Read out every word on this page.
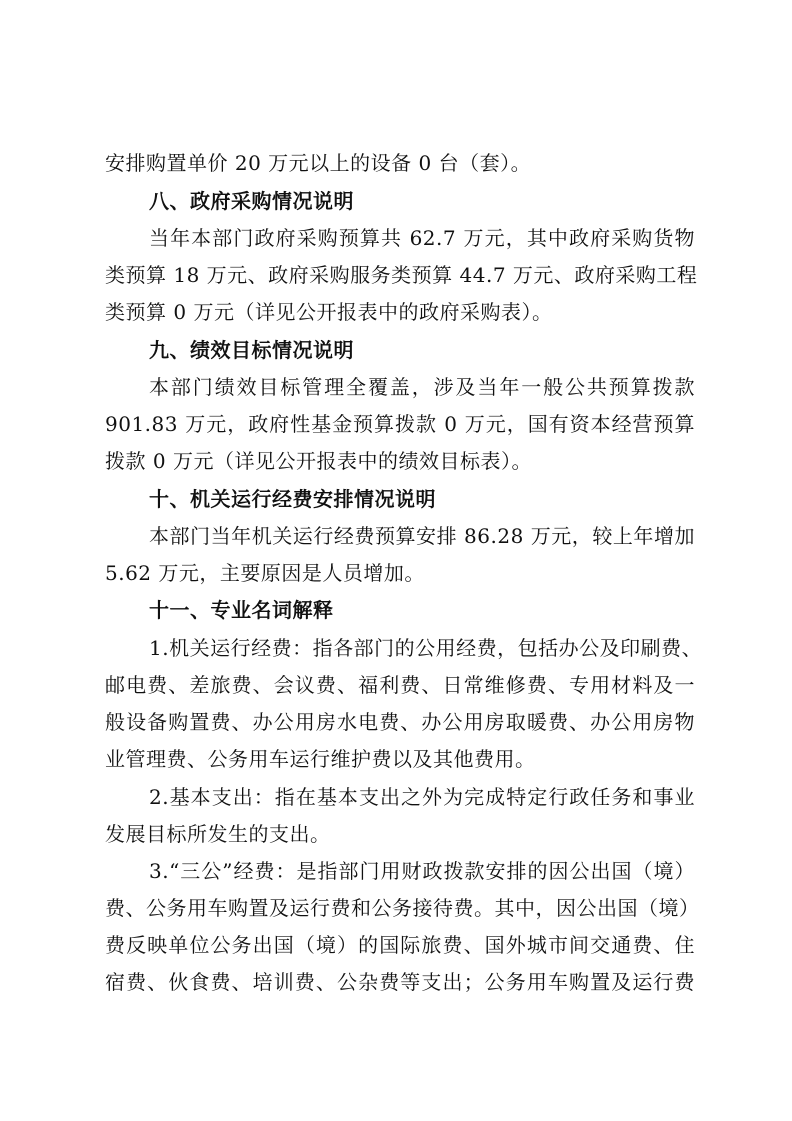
安排购置单价 20 万元以上的设备 0 台（套）。
八、政府采购情况说明
当年本部门政府采购预算共 62.7 万元，其中政府采购货物
类预算 18 万元、政府采购服务类预算 44.7 万元、政府采购工程
类预算 0 万元（详见公开报表中的政府采购表）。
九、绩效目标情况说明
本部门绩效目标管理全覆盖，涉及当年一般公共预算拨款
901.83 万元，政府性基金预算拨款 0 万元，国有资本经营预算
拨款 0 万元（详见公开报表中的绩效目标表）。
十、机关运行经费安排情况说明
本部门当年机关运行经费预算安排 86.28 万元，较上年增加
5.62 万元，主要原因是人员增加。
十一、专业名词解释
1.机关运行经费：指各部门的公用经费，包括办公及印刷费、
邮电费、差旅费、会议费、福利费、日常维修费、专用材料及一
般设备购置费、办公用房水电费、办公用房取暖费、办公用房物
业管理费、公务用车运行维护费以及其他费用。
2.基本支出：指在基本支出之外为完成特定行政任务和事业
发展目标所发生的支出。
3.“三公”经费：是指部门用财政拨款安排的因公出国（境）
费、公务用车购置及运行费和公务接待费。其中，因公出国（境）
费反映单位公务出国（境）的国际旅费、国外城市间交通费、住
宿费、伙食费、培训费、公杂费等支出；公务用车购置及运行费
